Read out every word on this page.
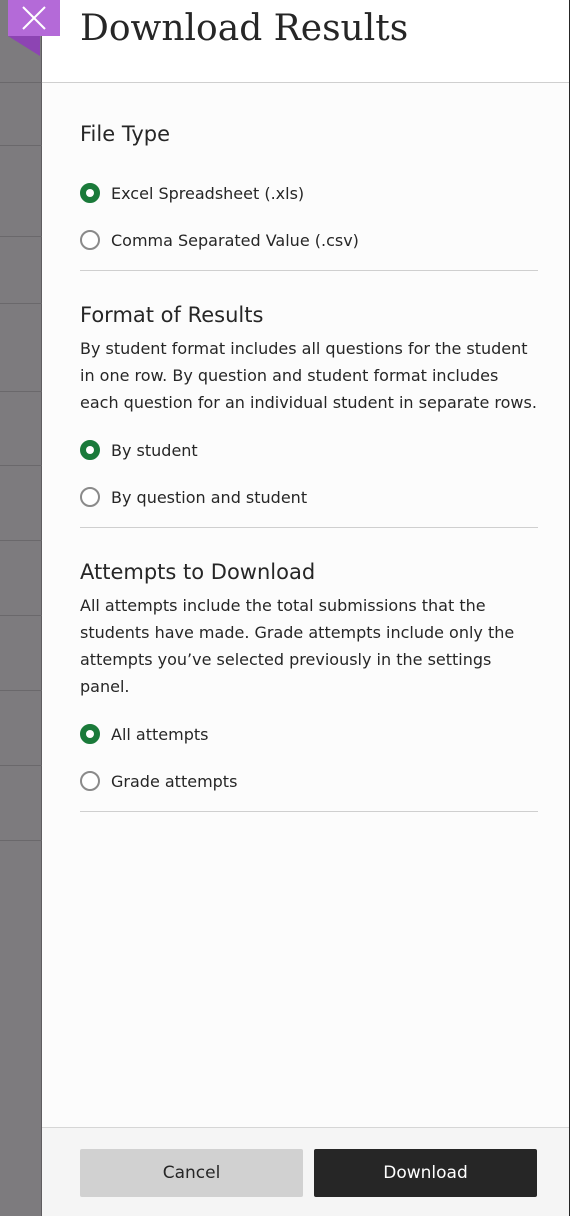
Download Results
File Type
Excel Spreadsheet (.xls)
Comma Separated Value (.csv)
Format of Results
By student format includes all questions for the student in one row. By question and student format includes each question for an individual student in separate rows.
By student
By question and student
Attempts to Download
All attempts include the total submissions that the students have made. Grade attempts include only the attempts you’ve selected previously in the settings panel.
All attempts
Grade attempts
Cancel	Download
